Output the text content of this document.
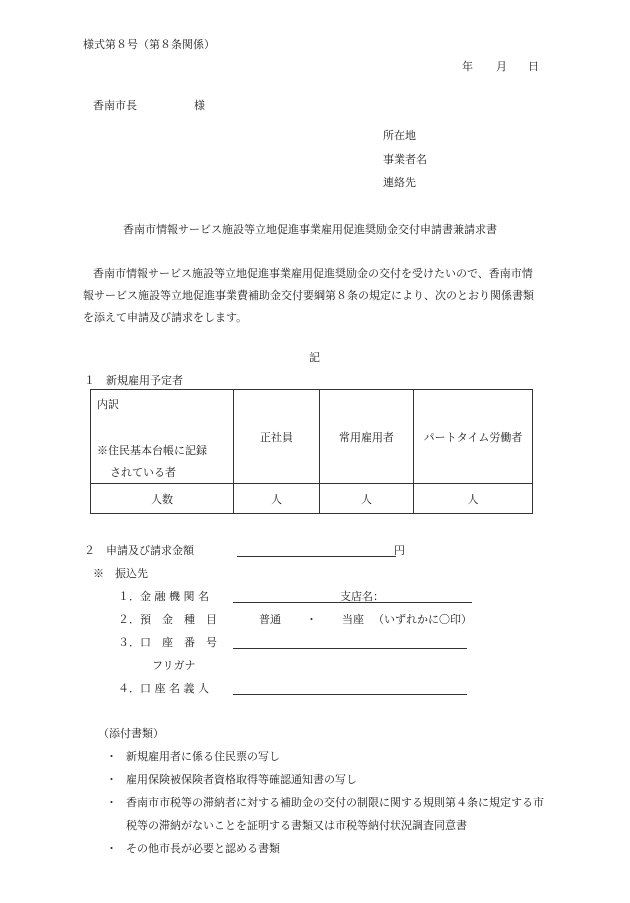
様式第８号（第８条関係）
年 月 日
香南市長	様
所在地
事業者名
連絡先
香南市情報サービス施設等立地促進事業雇用促進奨励金交付申請書兼請求書
香南市情報サービス施設等立地促進事業雇用促進奨励金の交付を受けたいので、香南市情
報サービス施設等立地促進事業費補助金交付要綱第８条の規定により、次のとおり関係書類
を添えて申請及び請求をします。
記
１　新規雇用予定者
内訳
※住民基本台帳に記録
されている者	正社員	常用雇用者	パートタイム労働者
人数	人	人	人
２　申請及び請求金額	円
※　振込先
１．金 融 機 関 名	支店名：
２．預　金　種　目	普通 ・ 当座 （いずれかに〇印）
３．口　座　番　号
フリガナ
４．口 座 名 義 人
（添付書類）
・ 新規雇用者に係る住民票の写し
・ 雇用保険被保険者資格取得等確認通知書の写し
・ 香南市市税等の滞納者に対する補助金の交付の制限に関する規則第４条に規定する市
税等の滞納がないことを証明する書類又は市税等納付状況調査同意書
・ その他市長が必要と認める書類
